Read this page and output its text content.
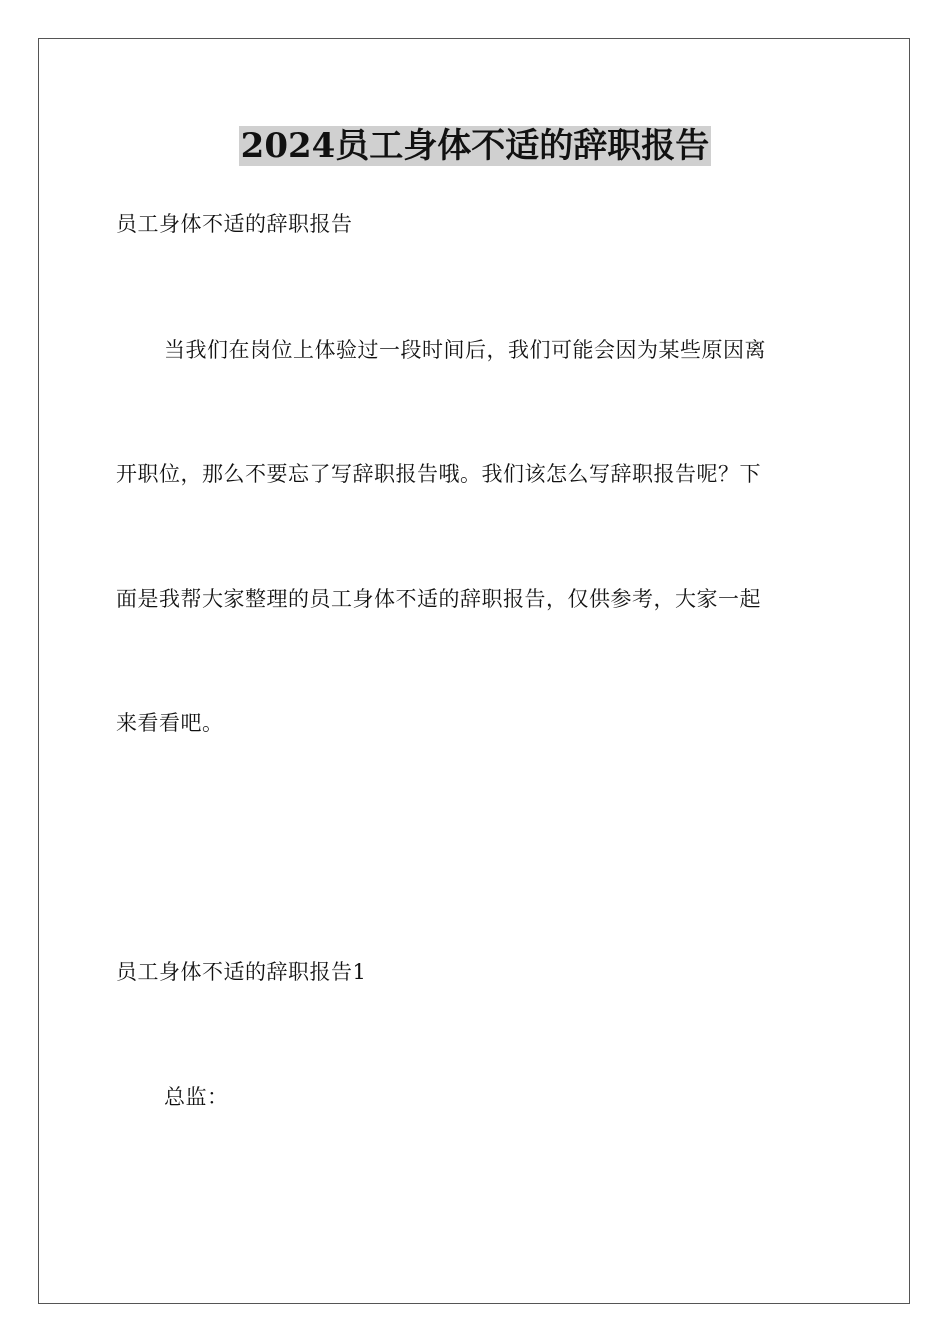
2024员工身体不适的辞职报告
员工身体不适的辞职报告
当我们在岗位上体验过一段时间后，我们可能会因为某些原因离
开职位，那么不要忘了写辞职报告哦。我们该怎么写辞职报告呢？下
面是我帮大家整理的员工身体不适的辞职报告，仅供参考，大家一起
来看看吧。
员工身体不适的辞职报告1
总监：
